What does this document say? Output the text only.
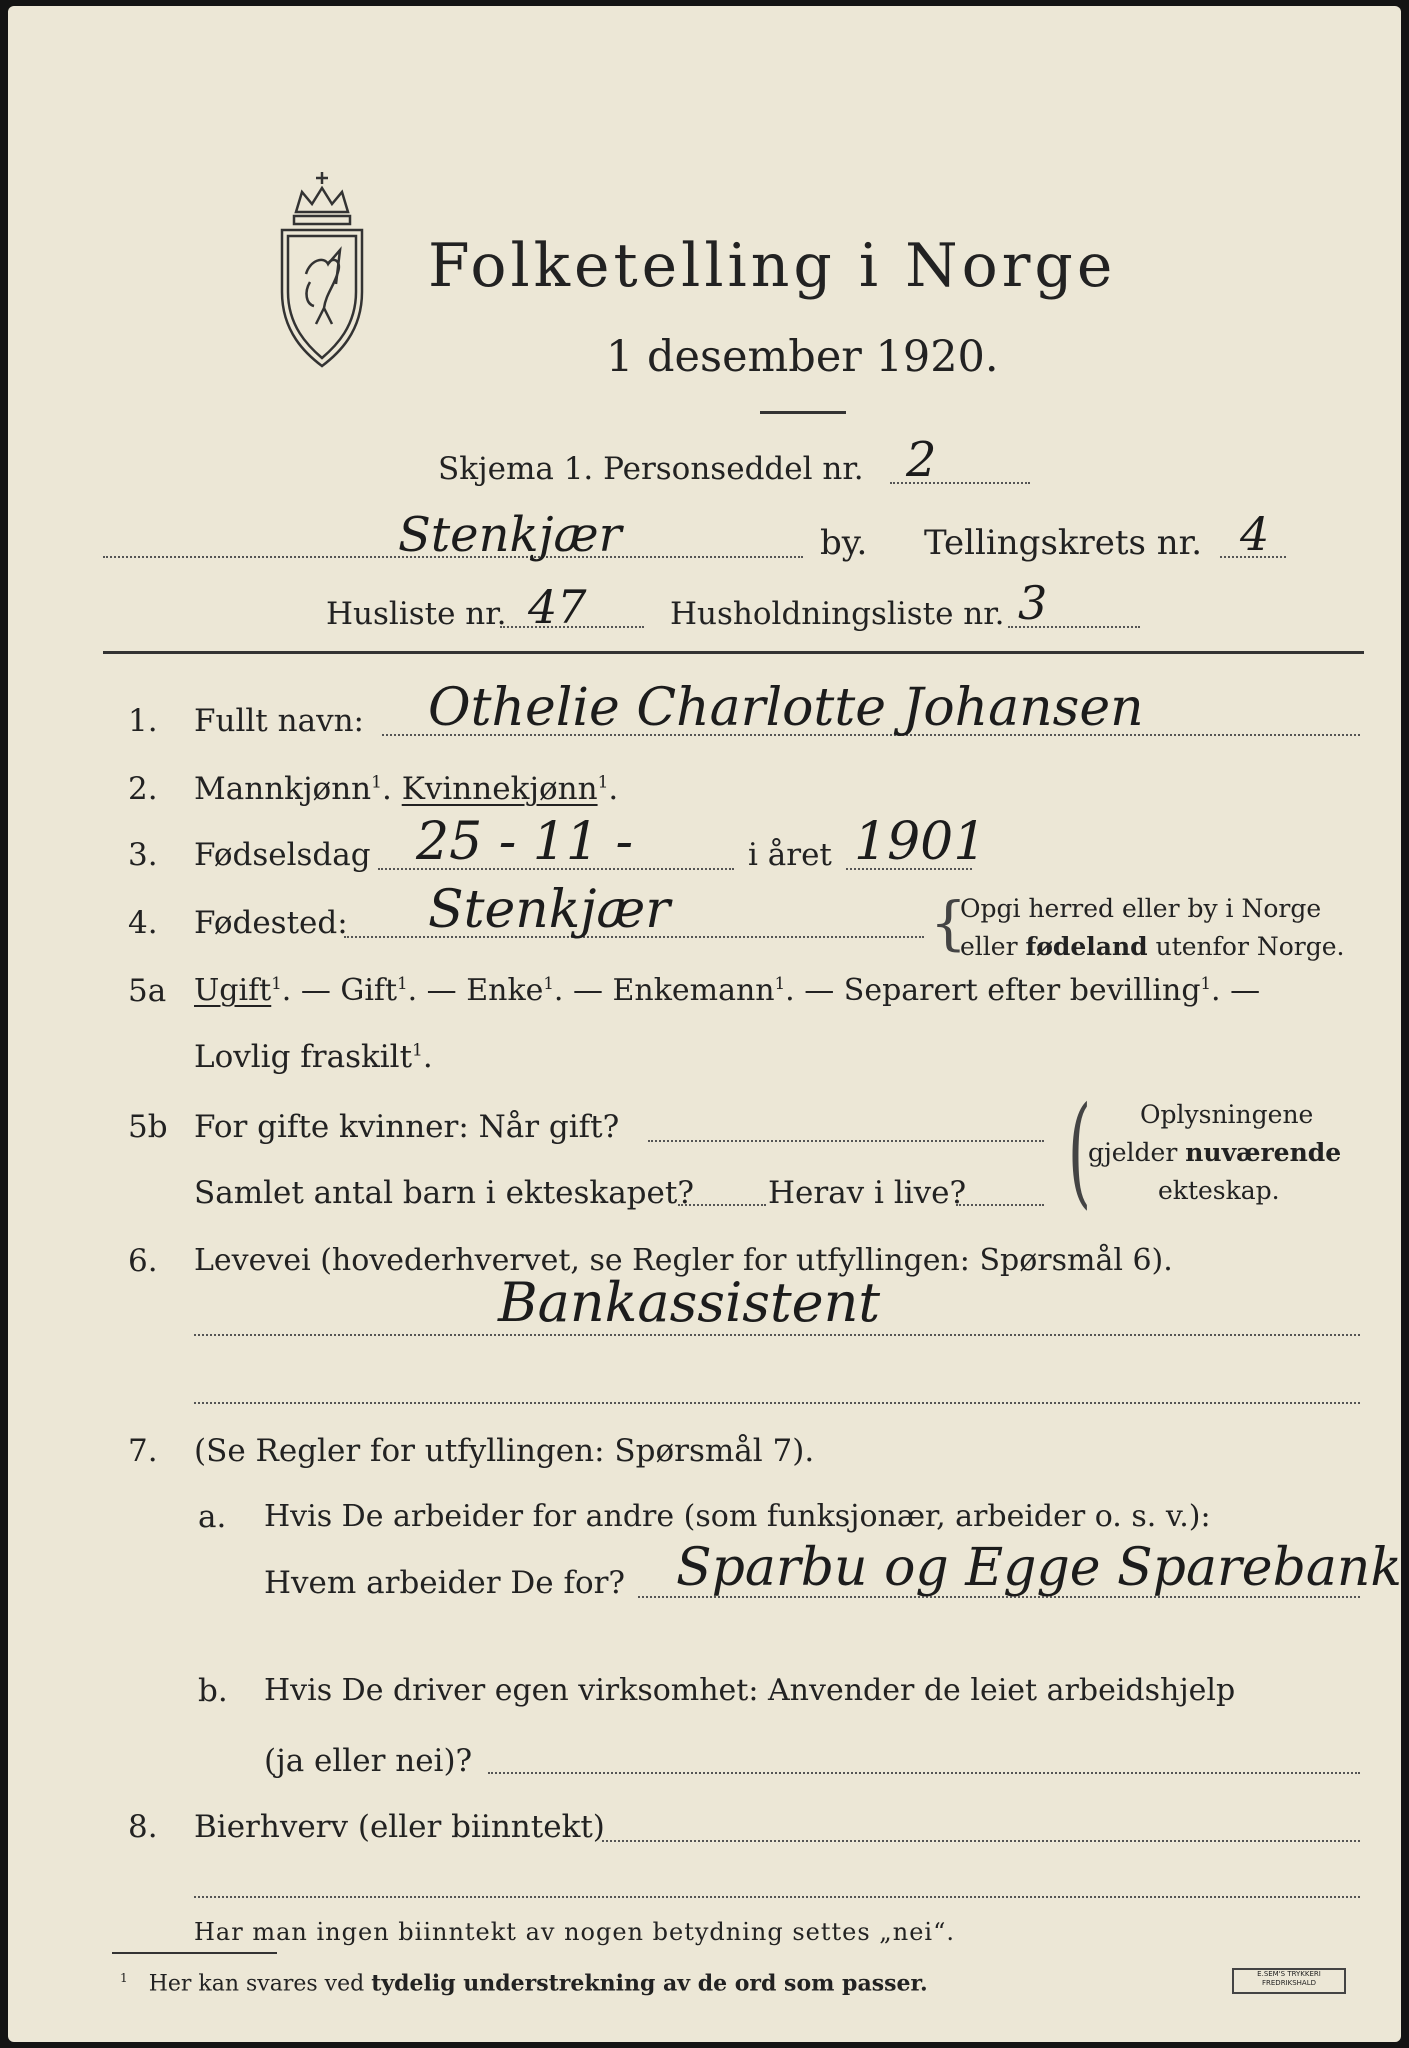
Folketelling i Norge
1 desember 1920.
Skjema 1. Personseddel nr. 2
Stenkjær	by. Tellingskrets nr. 4
Husliste nr. 47	Husholdningsliste nr. 3
1. Fullt navn: Othelie Charlotte Johansen
2. Mannkjønn$^1$. Kvinnekjønn$^1$.
3. Fødselsdag 25 - 11 -	i året 1901
4. Fødested: Stenkjær	{
Opgi herred eller by i Norge
eller fødeland utenfor Norge.
5a Ugift$^1$. — Gift$^1$. — Enke$^1$. — Enkemann$^1$. — Separert efter bevilling$^1$. —
Lovlig fraskilt$^1$.
5b For gifte kvinner: Når gift?
Samlet antal barn i ekteskapet? Herav i live? ( Oplysningene
gjelder nuværende
ekteskap.
6. Levevei (hovederhvervet, se Regler for utfyllingen: Spørsmål 6).
Bankassistent
7. (Se Regler for utfyllingen: Spørsmål 7).
a. Hvis De arbeider for andre (som funksjonær, arbeider o. s. v.):
Hvem arbeider De for? Sparbu og Egge Sparebank
b. Hvis De driver egen virksomhet: Anvender de leiet arbeidshjelp
(ja eller nei)?
8. Bierhverv (eller biinntekt)
Har man ingen biinntekt av nogen betydning settes „nei“.
$^1$ Her kan svares ved tydelig understrekning av de ord som passer.	E.SEM'S TRYKKERI
FREDRIKSHALD
